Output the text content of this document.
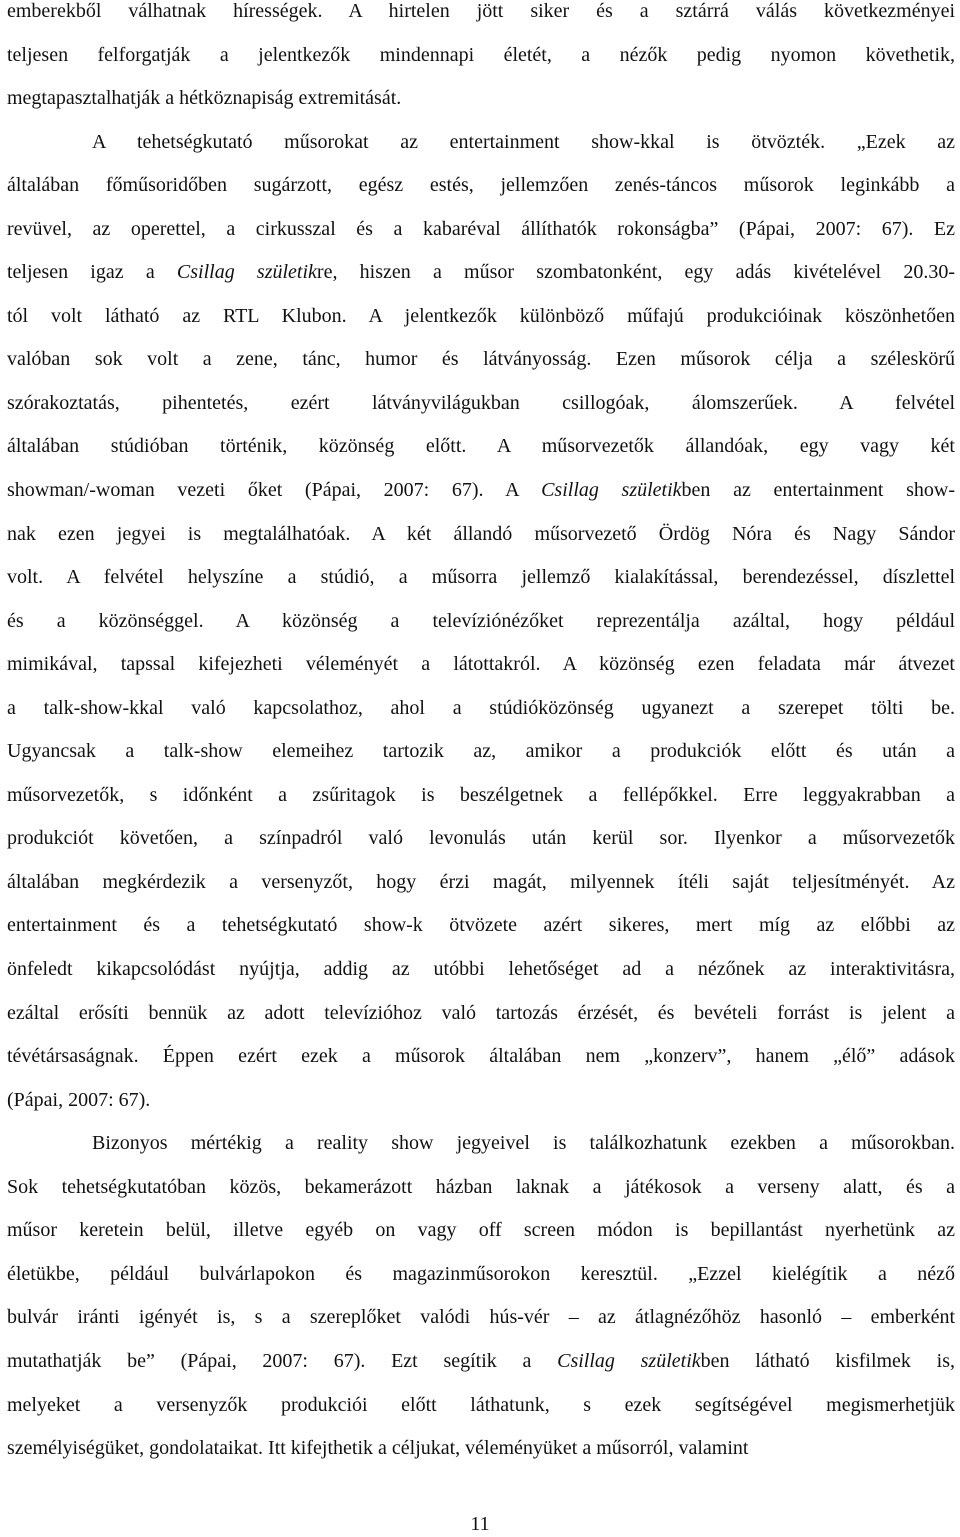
emberekből válhatnak hírességek. A hirtelen jött siker és a sztárrá válás következményei
teljesen felforgatják a jelentkezők mindennapi életét, a nézők pedig nyomon követhetik,
megtapasztalhatják a hétköznapiság extremitását.
A tehetségkutató műsorokat az entertainment show-kkal is ötvözték. „Ezek az
általában főműsoridőben sugárzott, egész estés, jellemzően zenés-táncos műsorok leginkább a
revüvel, az operettel, a cirkusszal és a kabaréval állíthatók rokonságba” (Pápai, 2007: 67). Ez
teljesen igaz a Csillag születikre, hiszen a műsor szombatonként, egy adás kivételével 20.30-
tól volt látható az RTL Klubon. A jelentkezők különböző műfajú produkcióinak köszönhetően
valóban sok volt a zene, tánc, humor és látványosság. Ezen műsorok célja a széleskörű
szórakoztatás, pihentetés, ezért látványvilágukban csillogóak, álomszerűek. A felvétel
általában stúdióban történik, közönség előtt. A műsorvezetők állandóak, egy vagy két
showman/-woman vezeti őket (Pápai, 2007: 67). A Csillag születikben az entertainment show-
nak ezen jegyei is megtalálhatóak. A két állandó műsorvezető Ördög Nóra és Nagy Sándor
volt. A felvétel helyszíne a stúdió, a műsorra jellemző kialakítással, berendezéssel, díszlettel
és a közönséggel. A közönség a televíziónézőket reprezentálja azáltal, hogy például
mimikával, tapssal kifejezheti véleményét a látottakról. A közönség ezen feladata már átvezet
a talk-show-kkal való kapcsolathoz, ahol a stúdióközönség ugyanezt a szerepet tölti be.
Ugyancsak a talk-show elemeihez tartozik az, amikor a produkciók előtt és után a
műsorvezetők, s időnként a zsűritagok is beszélgetnek a fellépőkkel. Erre leggyakrabban a
produkciót követően, a színpadról való levonulás után kerül sor. Ilyenkor a műsorvezetők
általában megkérdezik a versenyzőt, hogy érzi magát, milyennek ítéli saját teljesítményét. Az
entertainment és a tehetségkutató show-k ötvözete azért sikeres, mert míg az előbbi az
önfeledt kikapcsolódást nyújtja, addig az utóbbi lehetőséget ad a nézőnek az interaktivitásra,
ezáltal erősíti bennük az adott televízióhoz való tartozás érzését, és bevételi forrást is jelent a
tévétársaságnak. Éppen ezért ezek a műsorok általában nem „konzerv”, hanem „élő” adások
(Pápai, 2007: 67).
Bizonyos mértékig a reality show jegyeivel is találkozhatunk ezekben a műsorokban.
Sok tehetségkutatóban közös, bekamerázott házban laknak a játékosok a verseny alatt, és a
műsor keretein belül, illetve egyéb on vagy off screen módon is bepillantást nyerhetünk az
életükbe, például bulvárlapokon és magazinműsorokon keresztül. „Ezzel kielégítik a néző
bulvár iránti igényét is, s a szereplőket valódi hús-vér – az átlagnézőhöz hasonló – emberként
mutathatják be” (Pápai, 2007: 67). Ezt segítik a Csillag születikben látható kisfilmek is,
melyeket a versenyzők produkciói előtt láthatunk, s ezek segítségével megismerhetjük
személyiségüket, gondolataikat. Itt kifejthetik a céljukat, véleményüket a műsorról, valamint
11
